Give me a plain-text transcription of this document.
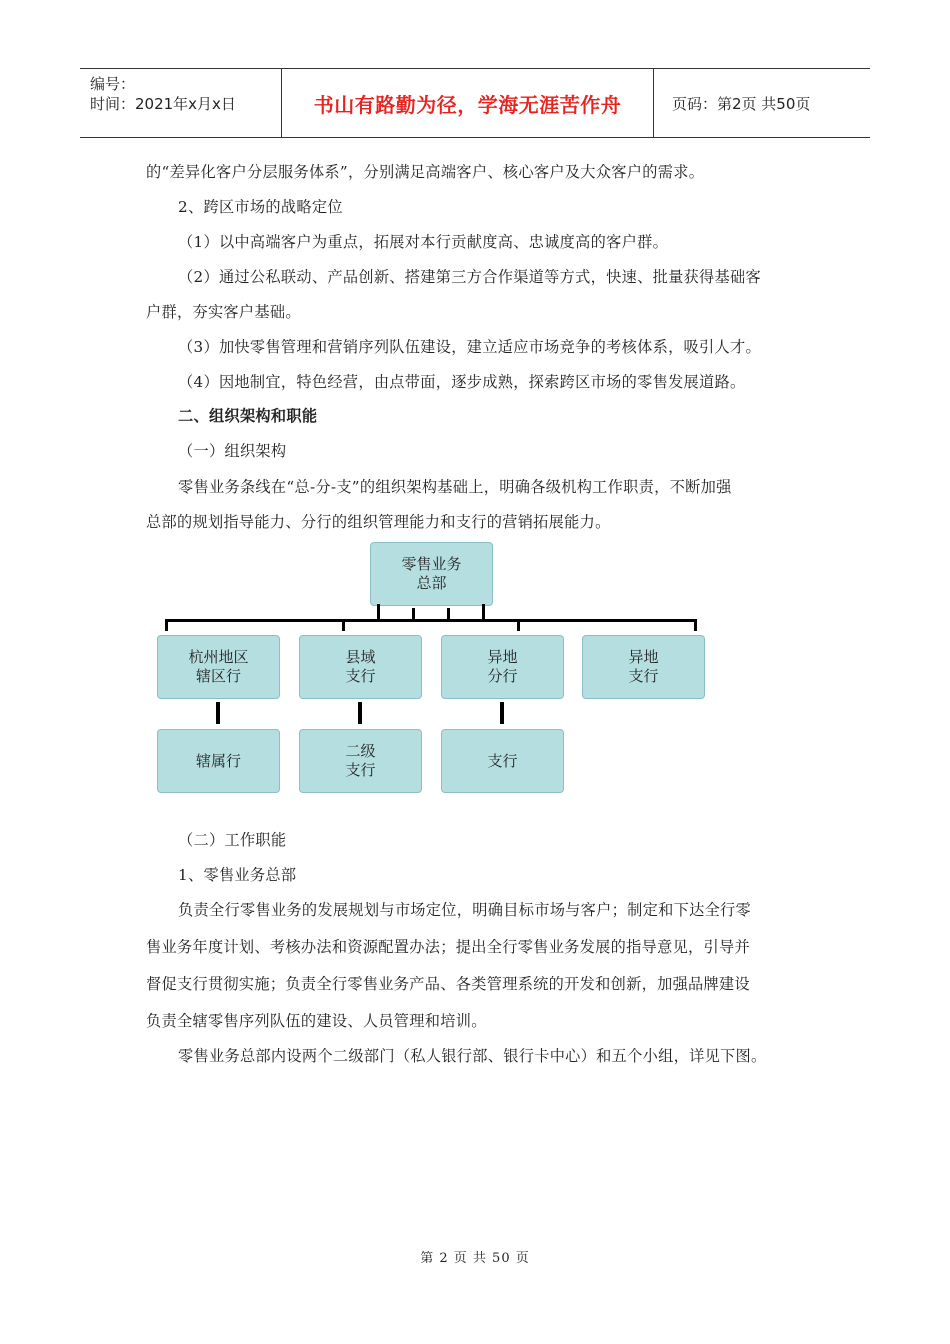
编号：
时间：2021年x月x日	书山有路勤为径，学海无涯苦作舟	页码：第2页 共50页
的“差异化客户分层服务体系”，分别满足高端客户、核心客户及大众客户的需求。
2、跨区市场的战略定位
（1）以中高端客户为重点，拓展对本行贡献度高、忠诚度高的客户群。
（2）通过公私联动、产品创新、搭建第三方合作渠道等方式，快速、批量获得基础客
户群，夯实客户基础。
（3）加快零售管理和营销序列队伍建设，建立适应市场竞争的考核体系，吸引人才。
（4）因地制宜，特色经营，由点带面，逐步成熟，探索跨区市场的零售发展道路。
二、组织架构和职能
（一）组织架构
零售业务条线在“总-分-支”的组织架构基础上，明确各级机构工作职责，不断加强
总部的规划指导能力、分行的组织管理能力和支行的营销拓展能力。
零售业务
总部
杭州地区
辖区行
县域
支行
异地
分行
异地
支行
辖属行
二级
支行
支行
（二）工作职能
1、零售业务总部
负责全行零售业务的发展规划与市场定位，明确目标市场与客户；制定和下达全行零
售业务年度计划、考核办法和资源配置办法；提出全行零售业务发展的指导意见，引导并
督促支行贯彻实施；负责全行零售业务产品、各类管理系统的开发和创新，加强品牌建设
负责全辖零售序列队伍的建设、人员管理和培训。
零售业务总部内设两个二级部门（私人银行部、银行卡中心）和五个小组，详见下图。
第 2 页 共 50 页
